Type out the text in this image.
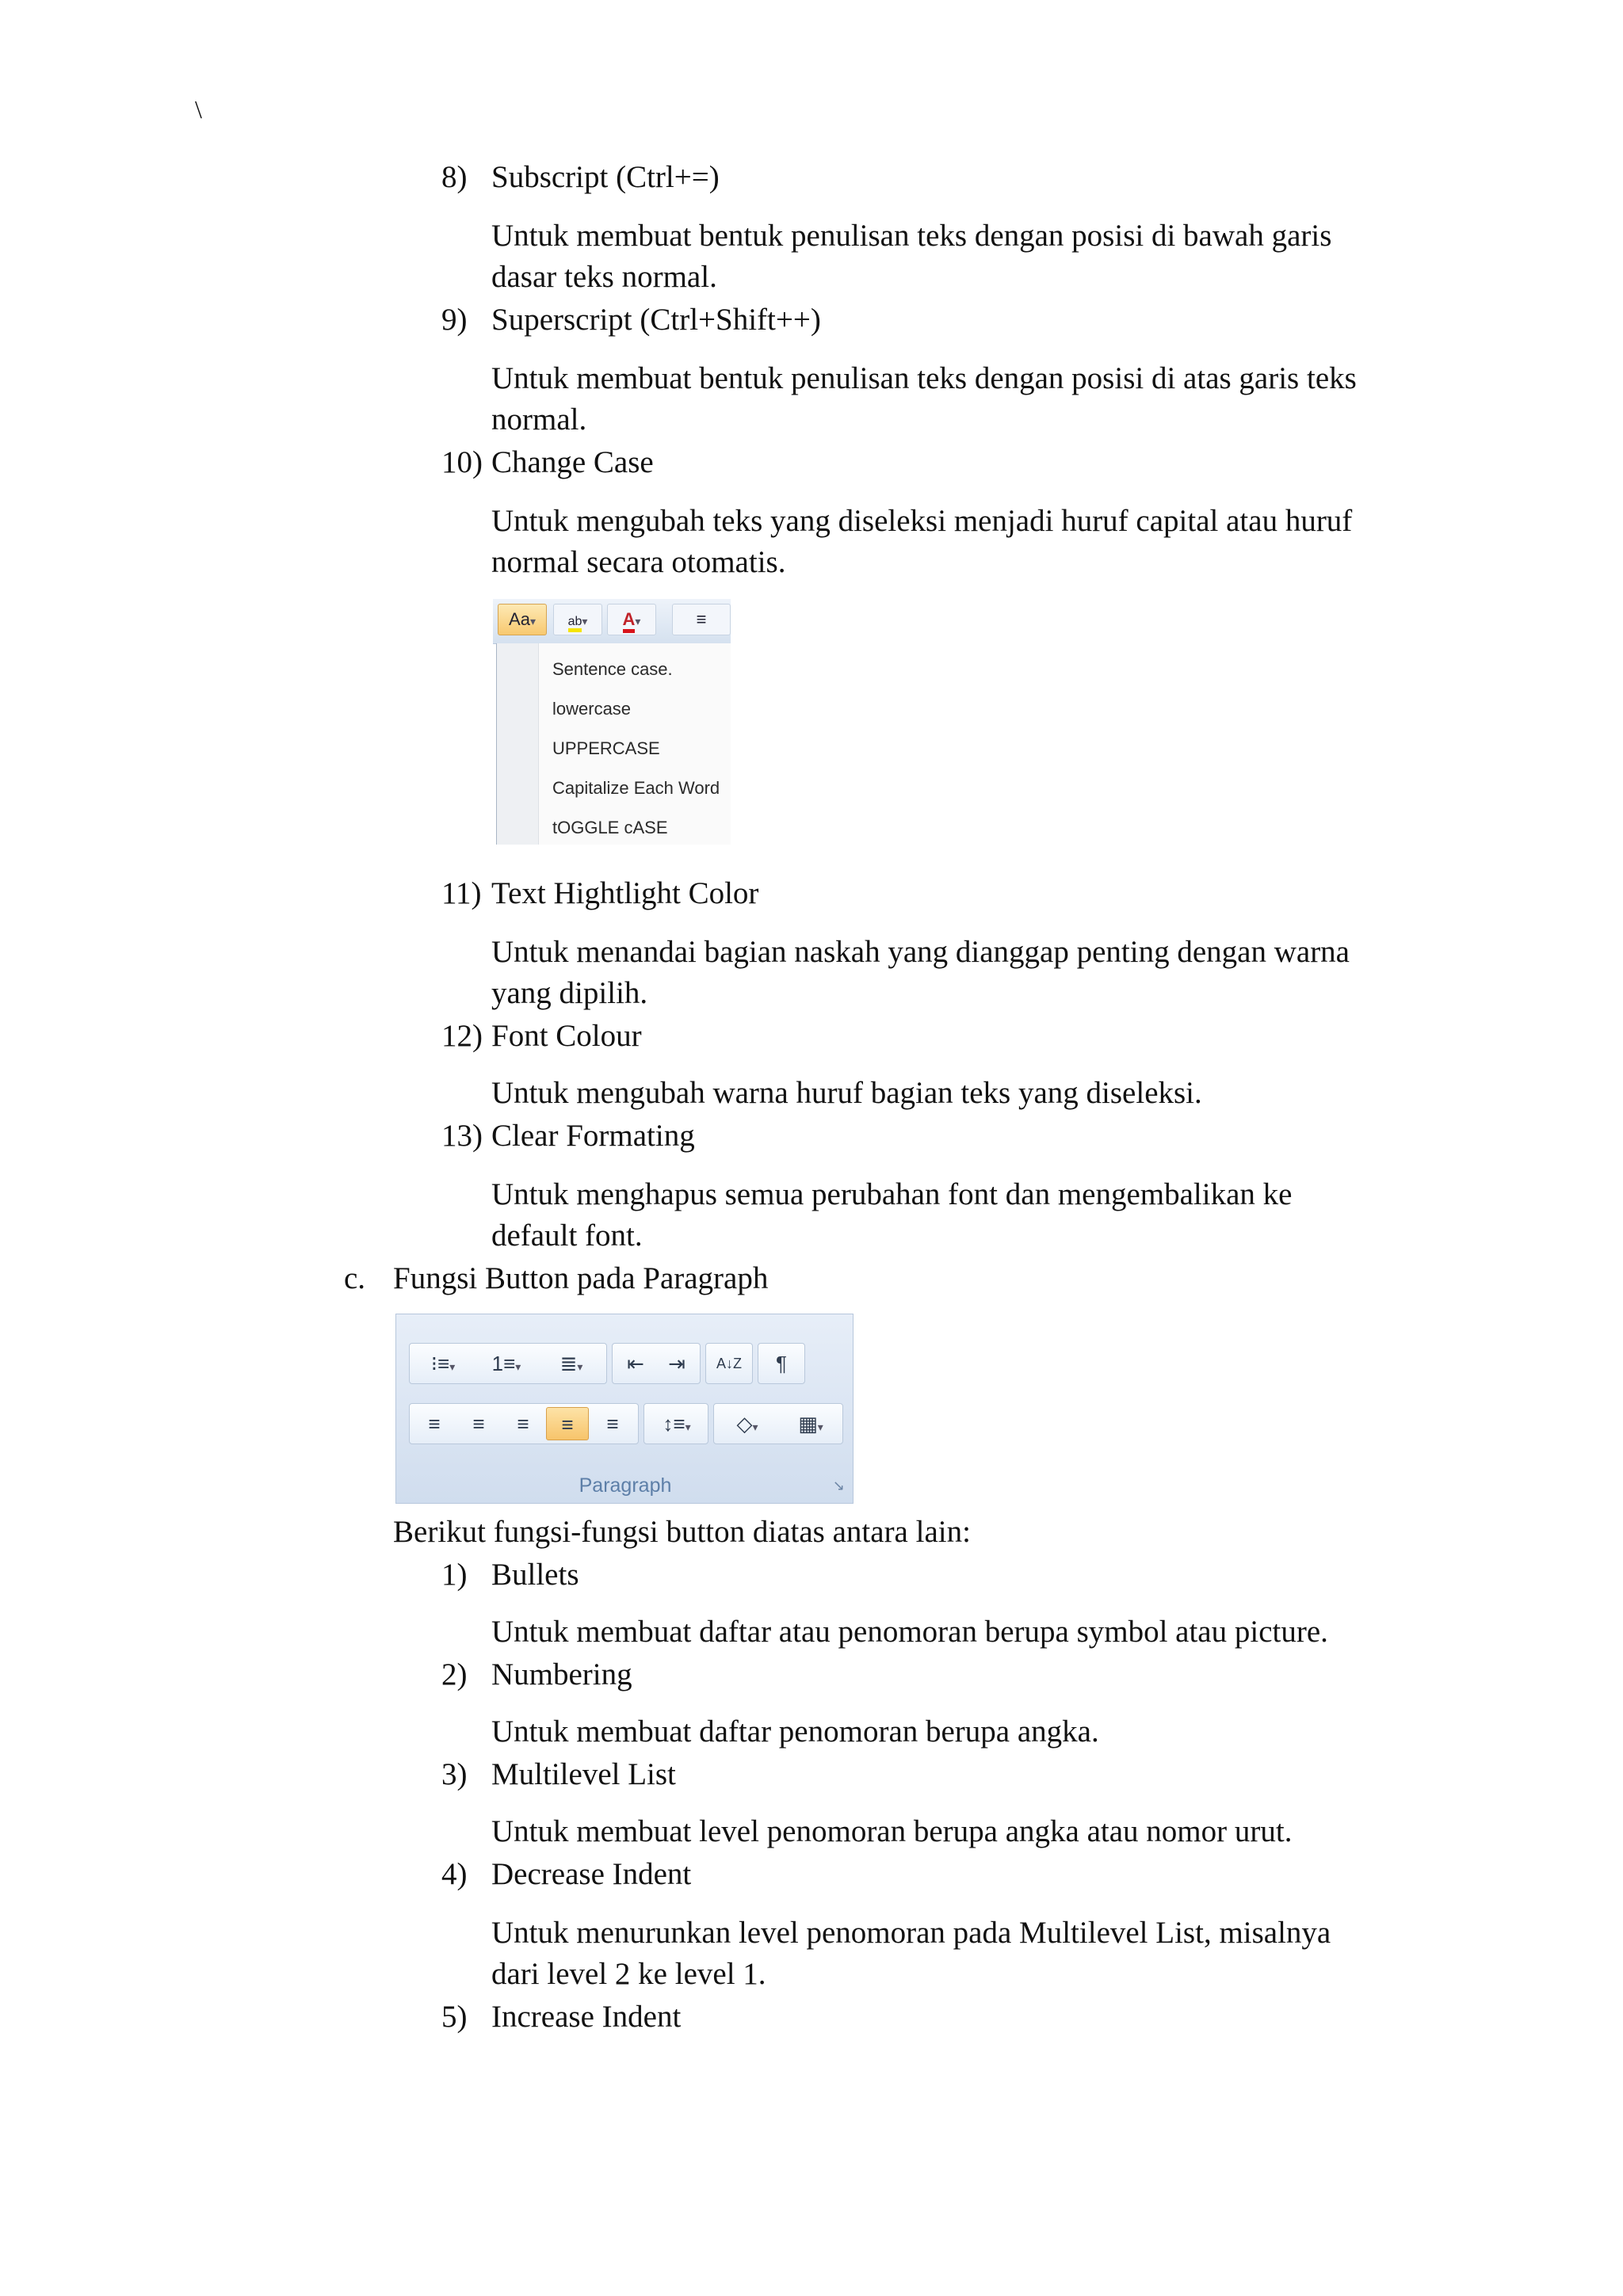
\
8) Subscript (Ctrl+=)
Untuk membuat bentuk penulisan teks dengan posisi di bawah garis
dasar teks normal.
9) Superscript (Ctrl+Shift++)
Untuk membuat bentuk penulisan teks dengan posisi di atas garis teks
normal.
10) Change Case
Untuk mengubah teks yang diseleksi menjadi huruf capital atau huruf
normal secara otomatis.
Aa▾	ab▾	A▾	≡
Sentence case.
lowercase
UPPERCASE
Capitalize Each Word
tOGGLE cASE
11) Text Hightlight Color
Untuk menandai bagian naskah yang dianggap penting dengan warna
yang dipilih.
12) Font Colour
Untuk mengubah warna huruf bagian teks yang diseleksi.
13) Clear Formating
Untuk menghapus semua perubahan font dan mengembalikan ke
default font.
c. Fungsi Button pada Paragraph
⁝≡▾	1≡▾	≣▾	⇤	⇥	A↓Z	¶
≡	≡	≡	≡	≡	↕≡▾	◇▾	▦▾
Paragraph	↘
Berikut fungsi-fungsi button diatas antara lain:
1) Bullets
Untuk membuat daftar atau penomoran berupa symbol atau picture.
2) Numbering
Untuk membuat daftar penomoran berupa angka.
3) Multilevel List
Untuk membuat level penomoran berupa angka atau nomor urut.
4) Decrease Indent
Untuk menurunkan level penomoran pada Multilevel List, misalnya
dari level 2 ke level 1.
5) Increase Indent
